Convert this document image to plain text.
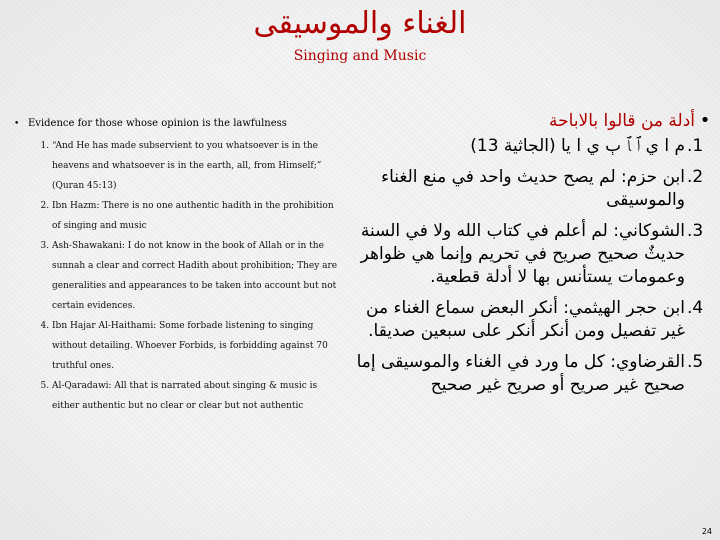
الغناء والموسيقى
Singing and Music
• Evidence for those whose opinion is the lawfulness
1. “And He has made subservient to you whatsoever is in the heavens and whatsoever is in the earth, all, from Himself;” (Quran 45:13)
2. Ibn Hazm: There is no one authentic hadith in the prohibition of singing and music
3. Ash-Shawakani: I do not know in the book of Allah or in the sunnah a clear and correct Hadith about prohibition; They are generalities and appearances to be taken into account but not certain evidences.
4. Ibn Hajar Al-Haithami: Some forbade listening to singing without detailing. Whoever Forbids, is forbidding against 70 truthful ones.
5. Al-Qaradawi: All that is narrated about singing & music is either authentic but no clear or clear but not authentic
•
أدلة من قالوا بالاباحة
.1
م ا ي ﭐ ﭑ ﭒ ي ا يا (الجاثية 13)
.2
ابن حزم: لم يصح حديث واحد في منع الغناء والموسيقى
.3
الشوكاني: لم أعلم في كتاب الله ولا في السنة حديثٌ صحيح صريح في تحريم وإنما هي ظواهر وعمومات يستأنس بها لا أدلة قطعية.
.4
ابن حجر الهيثمي: أنكر البعض سماع الغناء من غير تفصيل ومن أنكر أنكر على سبعين صديقا.
.5
القرضاوي: كل ما ورد في الغناء والموسيقى إما صحيح غير صريح أو صريح غير صحيح
24
